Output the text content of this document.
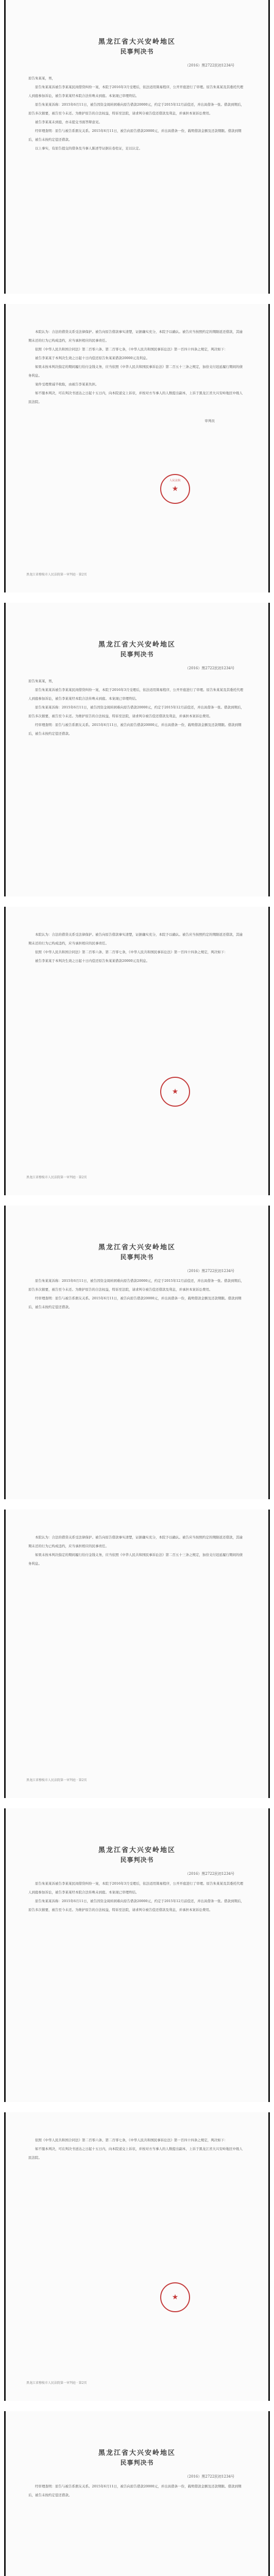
黑龙江省大兴安岭地区
民事判决书
（2016）黑2722民初1234号
原告朱某某，男，
原告朱某某诉被告李某某民间借贷纠纷一案，本院于2016年3月受理后，依法适用简易程序，公开开庭进行了审理。原告朱某某及其委托代理人到庭参加诉讼，被告李某某经本院合法传唤未到庭。本案现已审理终结。
原告朱某某诉称：2015年6月11日，被告因资金周转困难向原告借款20000元，约定于2015年12月前偿还，并出具借条一张。借款到期后，原告多次催要，被告至今未还。为维护原告的合法权益，特诉至法院，请求判令被告偿还借款及利息，并承担本案诉讼费用。
被告李某某未到庭，亦未提交书面答辩意见。
经审理查明：原告与被告系朋友关系。2015年6月11日，被告向原告借款20000元，并出具借条一份，载明借款金额及还款期限。借款到期后，被告未按约定偿还借款。
以上事实，有原告提交的借条及当事人陈述等证据在卷佐证，足以认定。
本院认为：合法的借贷关系受法律保护。被告向原告借款事实清楚，证据确实充分，本院予以确认。被告应当按照约定的期限返还借款，其逾期未还的行为已构成违约，应当承担相应的民事责任。
依照《中华人民共和国合同法》第二百零六条、第二百零七条，《中华人民共和国民事诉讼法》第一百四十四条之规定，判决如下：
被告李某某于本判决生效之日起十日内偿还原告朱某某借款20000元及利息。
如果未按本判决指定的期间履行给付金钱义务，应当依照《中华人民共和国民事诉讼法》第二百五十三条之规定，加倍支付迟延履行期间的债务利息。
案件受理费减半收取，由被告李某某负担。
如不服本判决，可在判决书送达之日起十五日内，向本院递交上诉状，并按对方当事人的人数提出副本，上诉于黑龙江省大兴安岭地区中级人民法院。
审判员
人民法院
★
黑龙江省穆棱市人民法院第一审判庭 · 第2页
黑龙江省大兴安岭地区
民事判决书
（2016）黑2722民初1234号
原告朱某某，男，
原告朱某某诉被告李某某民间借贷纠纷一案，本院于2016年3月受理后，依法适用简易程序，公开开庭进行了审理。原告朱某某及其委托代理人到庭参加诉讼，被告李某某经本院合法传唤未到庭。本案现已审理终结。
原告朱某某诉称：2015年6月11日，被告因资金周转困难向原告借款20000元，约定于2015年12月前偿还，并出具借条一张。借款到期后，原告多次催要，被告至今未还。为维护原告的合法权益，特诉至法院，请求判令被告偿还借款及利息，并承担本案诉讼费用。
经审理查明：原告与被告系朋友关系。2015年6月11日，被告向原告借款20000元，并出具借条一份，载明借款金额及还款期限。借款到期后，被告未按约定偿还借款。
本院认为：合法的借贷关系受法律保护。被告向原告借款事实清楚，证据确实充分，本院予以确认。被告应当按照约定的期限返还借款，其逾期未还的行为已构成违约，应当承担相应的民事责任。
依照《中华人民共和国合同法》第二百零六条、第二百零七条，《中华人民共和国民事诉讼法》第一百四十四条之规定，判决如下：
被告李某某于本判决生效之日起十日内偿还原告朱某某借款20000元及利息。
★
黑龙江省穆棱市人民法院第一审判庭 · 第2页
黑龙江省大兴安岭地区
民事判决书
（2016）黑2722民初1234号
原告朱某某诉称：2015年6月11日，被告因资金周转困难向原告借款20000元，约定于2015年12月前偿还，并出具借条一张。借款到期后，原告多次催要，被告至今未还。为维护原告的合法权益，特诉至法院，请求判令被告偿还借款及利息，并承担本案诉讼费用。
经审理查明：原告与被告系朋友关系。2015年6月11日，被告向原告借款20000元，并出具借条一份，载明借款金额及还款期限。借款到期后，被告未按约定偿还借款。
本院认为：合法的借贷关系受法律保护。被告向原告借款事实清楚，证据确实充分，本院予以确认。被告应当按照约定的期限返还借款，其逾期未还的行为已构成违约，应当承担相应的民事责任。
如果未按本判决指定的期间履行给付金钱义务，应当依照《中华人民共和国民事诉讼法》第二百五十三条之规定，加倍支付迟延履行期间的债务利息。
黑龙江省穆棱市人民法院第一审判庭 · 第2页
黑龙江省大兴安岭地区
民事判决书
（2016）黑2722民初1234号
原告朱某某诉被告李某某民间借贷纠纷一案，本院于2016年3月受理后，依法适用简易程序，公开开庭进行了审理。原告朱某某及其委托代理人到庭参加诉讼，被告李某某经本院合法传唤未到庭。本案现已审理终结。
原告朱某某诉称：2015年6月11日，被告因资金周转困难向原告借款20000元，约定于2015年12月前偿还，并出具借条一张。借款到期后，原告多次催要，被告至今未还。为维护原告的合法权益，特诉至法院，请求判令被告偿还借款及利息，并承担本案诉讼费用。
依照《中华人民共和国合同法》第二百零六条、第二百零七条，《中华人民共和国民事诉讼法》第一百四十四条之规定，判决如下：
如不服本判决，可在判决书送达之日起十五日内，向本院递交上诉状，并按对方当事人的人数提出副本，上诉于黑龙江省大兴安岭地区中级人民法院。
★
黑龙江省穆棱市人民法院第一审判庭 · 第2页
黑龙江省大兴安岭地区
民事判决书
（2016）黑2722民初1234号
经审理查明：原告与被告系朋友关系。2015年6月11日，被告向原告借款20000元，并出具借条一份，载明借款金额及还款期限。借款到期后，被告未按约定偿还借款。
